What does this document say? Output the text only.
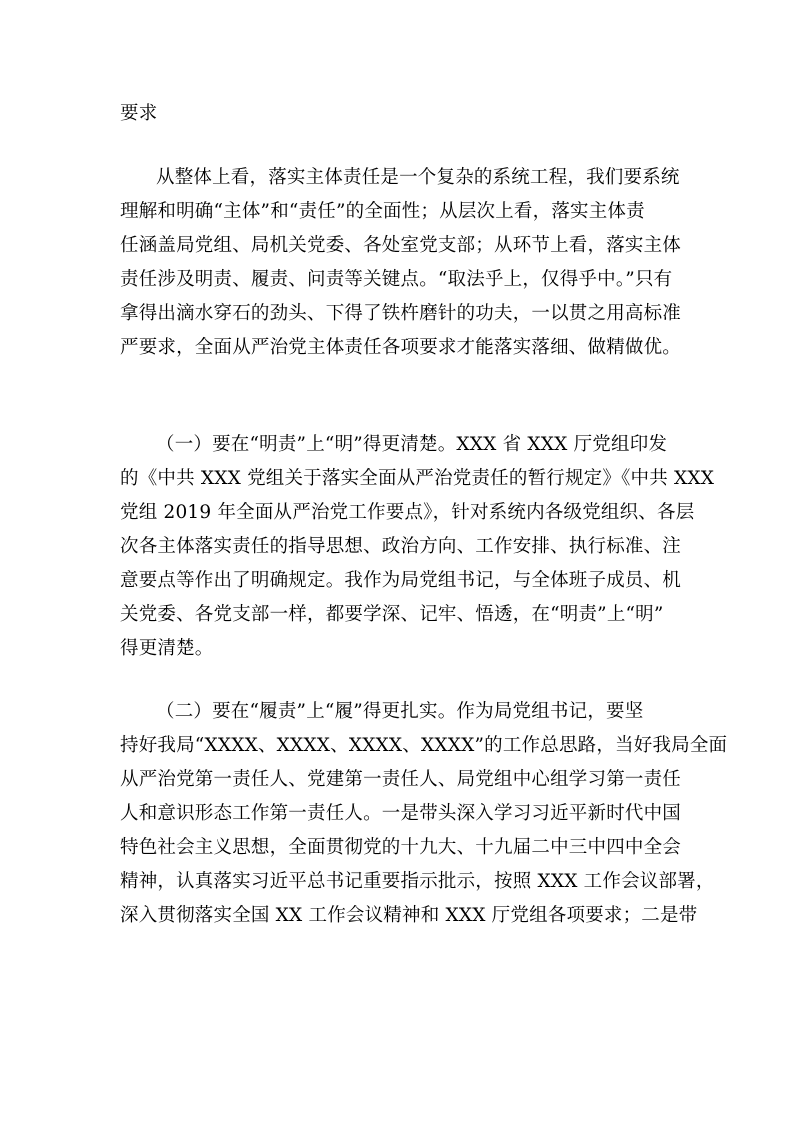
要求
从整体上看，落实主体责任是一个复杂的系统工程，我们要系统
理解和明确“主体”和“责任”的全面性；从层次上看，落实主体责
任涵盖局党组、局机关党委、各处室党支部；从环节上看，落实主体
责任涉及明责、履责、问责等关键点。“取法乎上，仅得乎中。”只有
拿得出滴水穿石的劲头、下得了铁杵磨针的功夫，一以贯之用高标准
严要求，全面从严治党主体责任各项要求才能落实落细、做精做优。
（一）要在“明责”上“明”得更清楚。XXX 省 XXX 厅党组印发
的《中共 XXX 党组关于落实全面从严治党责任的暂行规定》《中共 XXX
党组 2019 年全面从严治党工作要点》，针对系统内各级党组织、各层
次各主体落实责任的指导思想、政治方向、工作安排、执行标准、注
意要点等作出了明确规定。我作为局党组书记，与全体班子成员、机
关党委、各党支部一样，都要学深、记牢、悟透，在“明责”上“明”
得更清楚。
（二）要在“履责”上“履”得更扎实。作为局党组书记，要坚
持好我局“XXXX、XXXX、XXXX、XXXX”的工作总思路，当好我局全面
从严治党第一责任人、党建第一责任人、局党组中心组学习第一责任
人和意识形态工作第一责任人。一是带头深入学习习近平新时代中国
特色社会主义思想，全面贯彻党的十九大、十九届二中三中四中全会
精神，认真落实习近平总书记重要指示批示，按照 XXX 工作会议部署，
深入贯彻落实全国 XX 工作会议精神和 XXX 厅党组各项要求；二是带
